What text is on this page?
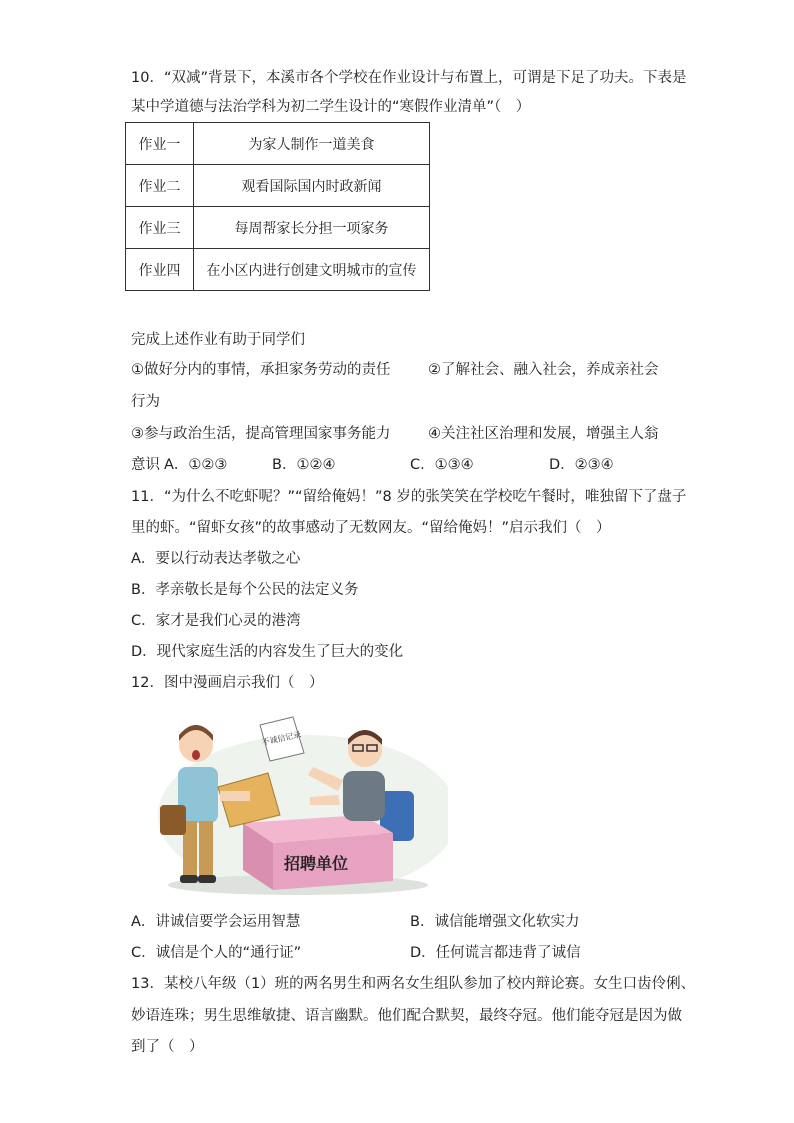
10．“双减”背景下，本溪市各个学校在作业设计与布置上，可谓是下足了功夫。下表是
某中学道德与法治学科为初二学生设计的“寒假作业清单”（　）
作业一	为家人制作一道美食
作业二	观看国际国内时政新闻
作业三	每周帮家长分担一项家务
作业四	在小区内进行创建文明城市的宣传
完成上述作业有助于同学们
①做好分内的事情，承担家务劳动的责任	②了解社会、融入社会，养成亲社会
行为
③参与政治生活，提高管理国家事务能力	④关注社区治理和发展，增强主人翁
意识 A．①②③	B．①②④	C．①③④	D．②③④
11．“为什么不吃虾呢？”“留给俺妈！”8 岁的张笑笑在学校吃午餐时，唯独留下了盘子
里的虾。“留虾女孩”的故事感动了无数网友。“留给俺妈！”启示我们（　）
A．要以行动表达孝敬之心
B．孝亲敬长是每个公民的法定义务
C．家才是我们心灵的港湾
D．现代家庭生活的内容发生了巨大的变化
12．图中漫画启示我们（　）
招聘单位
不诚信记录
A．讲诚信要学会运用智慧	B．诚信能增强文化软实力
C．诚信是个人的“通行证”	D．任何谎言都违背了诚信
13．某校八年级（1）班的两名男生和两名女生组队参加了校内辩论赛。女生口齿伶俐、
妙语连珠；男生思维敏捷、语言幽默。他们配合默契，最终夺冠。他们能夺冠是因为做
到了（　）
